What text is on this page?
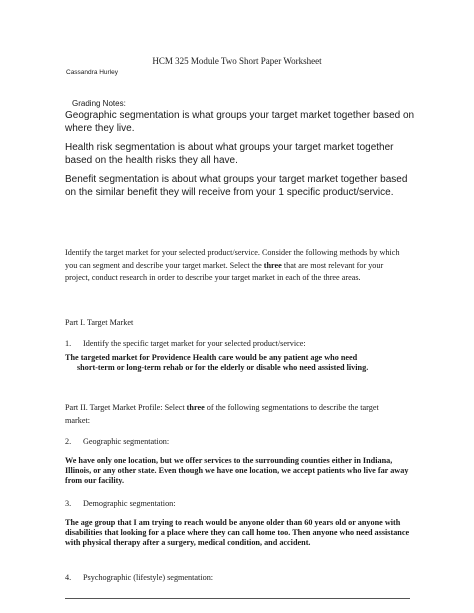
HCM 325 Module Two Short Paper Worksheet
Cassandra Hurley
Grading Notes:
Geographic segmentation is what groups your target market together based on where they live.
Health risk segmentation is about what groups your target market together based on the health risks they all have.
Benefit segmentation is about what groups your target market together based on the similar benefit they will receive from your 1 specific product/service.
Identify the target market for your selected product/service. Consider the following methods by which you can segment and describe your target market. Select the three that are most relevant for your project, conduct research in order to describe your target market in each of the three areas.
Part I. Target Market
1. Identify the specific target market for your selected product/service:
The targeted market for Providence Health care would be any patient age who need
short-term or long-term rehab or for the elderly or disable who need assisted living.
Part II. Target Market Profile: Select three of the following segmentations to describe the target market:
2. Geographic segmentation:
We have only one location, but we offer services to the surrounding counties either in Indiana, Illinois, or any other state. Even though we have one location, we accept patients who live far away from our facility.
3. Demographic segmentation:
The age group that I am trying to reach would be anyone older than 60 years old or anyone with disabilities that looking for a place where they can call home too. Then anyone who need assistance with physical therapy after a surgery, medical condition, and accident.
4. Psychographic (lifestyle) segmentation:
